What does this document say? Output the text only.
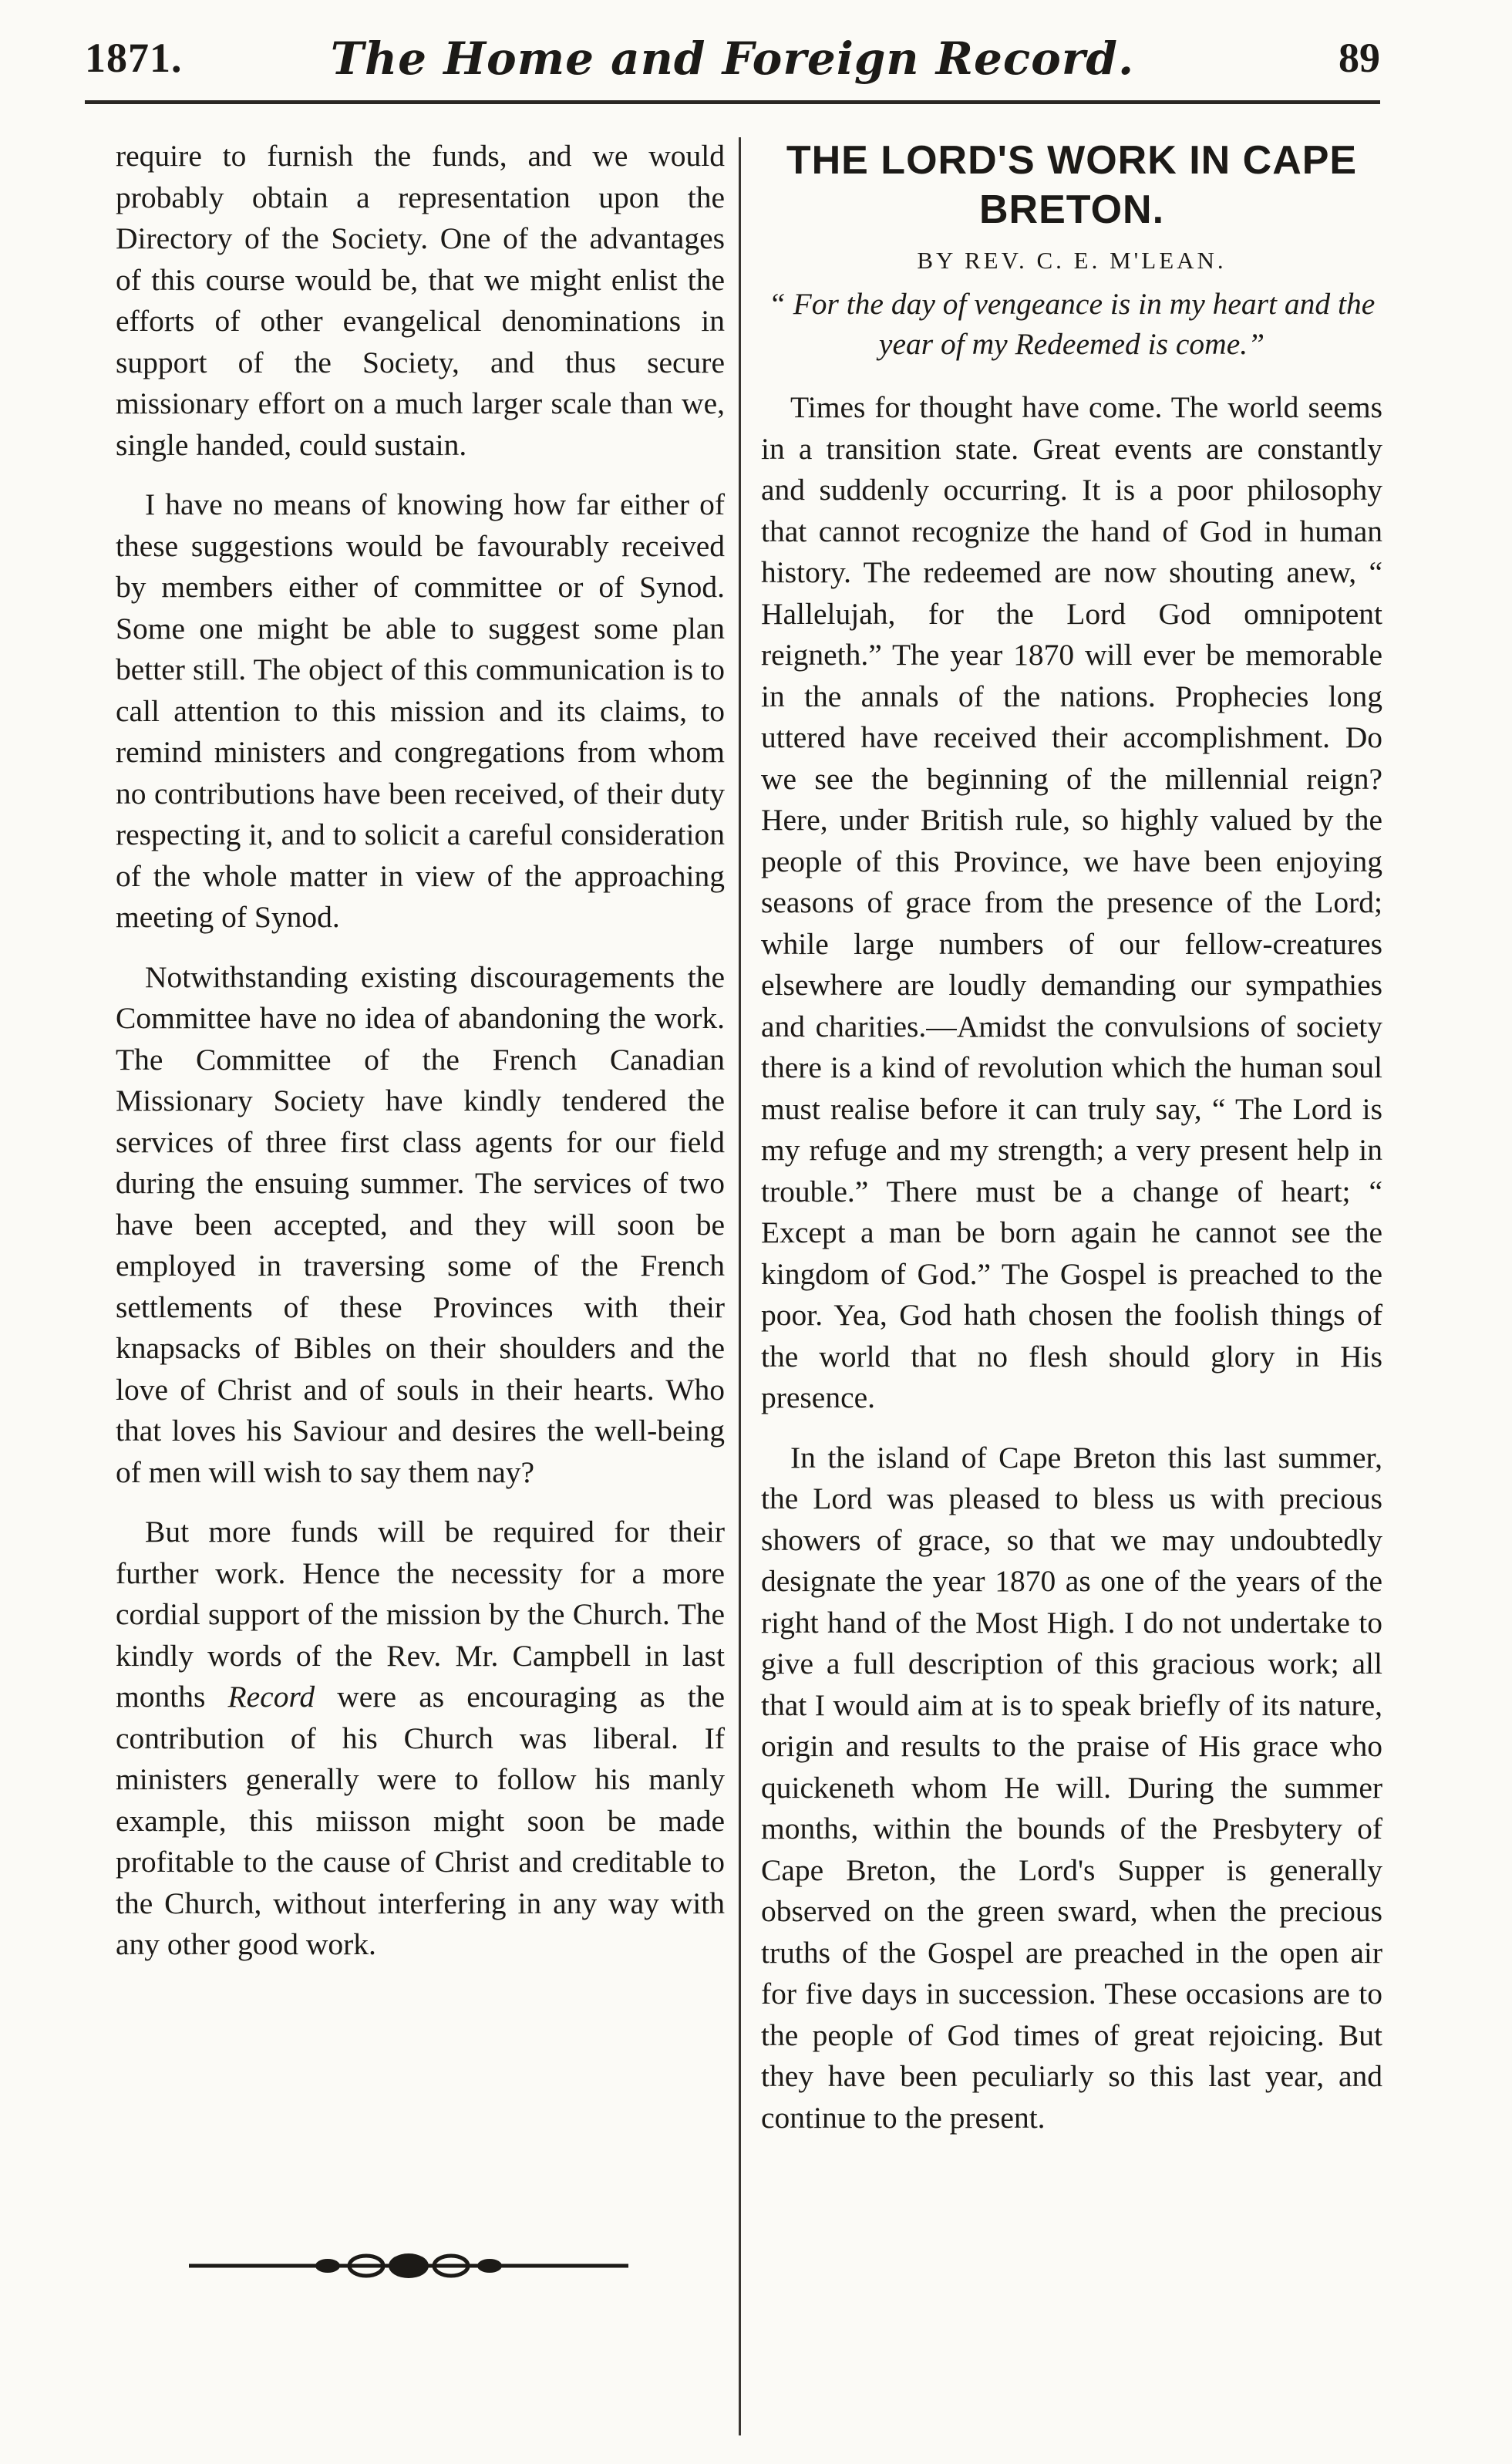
1871.	The Home and Foreign Record.	89

require to furnish the funds, and we would probably obtain a representation upon the Directory of the Society. One of the advantages of this course would be, that we might enlist the efforts of other evangelical denominations in support of the Society, and thus secure missionary effort on a much larger scale than we, single handed, could sustain.

I have no means of knowing how far either of these suggestions would be favourably received by members either of committee or of Synod. Some one might be able to suggest some plan better still. The object of this communication is to call attention to this mission and its claims, to remind ministers and congregations from whom no contributions have been received, of their duty respecting it, and to solicit a careful consideration of the whole matter in view of the approaching meeting of Synod.

Notwithstanding existing discouragements the Committee have no idea of abandoning the work. The Committee of the French Canadian Missionary Society have kindly tendered the services of three first class agents for our field during the ensuing summer. The services of two have been accepted, and they will soon be employed in traversing some of the French settlements of these Provinces with their knapsacks of Bibles on their shoulders and the love of Christ and of souls in their hearts. Who that loves his Saviour and desires the well-being of men will wish to say them nay?

But more funds will be required for their further work. Hence the necessity for a more cordial support of the mission by the Church. The kindly words of the Rev. Mr. Campbell in last months Record were as encouraging as the contribution of his Church was liberal. If ministers generally were to follow his manly example, this miisson might soon be made profitable to the cause of Christ and creditable to the Church, without interfering in any way with any other good work.

THE LORD'S WORK IN CAPE BRETON.
BY REV. C. E. M'LEAN.

“ For the day of vengeance is in my heart and the year of my Redeemed is come.”

Times for thought have come. The world seems in a transition state. Great events are constantly and suddenly occurring. It is a poor philosophy that cannot recognize the hand of God in human history. The redeemed are now shouting anew, “ Hallelujah, for the Lord God omnipotent reigneth.” The year 1870 will ever be memorable in the annals of the nations. Prophecies long uttered have received their accomplishment. Do we see the beginning of the millennial reign? Here, under British rule, so highly valued by the people of this Province, we have been enjoying seasons of grace from the presence of the Lord; while large numbers of our fellow-creatures elsewhere are loudly demanding our sympathies and charities.—Amidst the convulsions of society there is a kind of revolution which the human soul must realise before it can truly say, “ The Lord is my refuge and my strength; a very present help in trouble.” There must be a change of heart; “ Except a man be born again he cannot see the kingdom of God.” The Gospel is preached to the poor. Yea, God hath chosen the foolish things of the world that no flesh should glory in His presence.

In the island of Cape Breton this last summer, the Lord was pleased to bless us with precious showers of grace, so that we may undoubtedly designate the year 1870 as one of the years of the right hand of the Most High. I do not undertake to give a full description of this gracious work; all that I would aim at is to speak briefly of its nature, origin and results to the praise of His grace who quickeneth whom He will. During the summer months, within the bounds of the Presbytery of Cape Breton, the Lord's Supper is generally observed on the green sward, when the precious truths of the Gospel are preached in the open air for five days in succession. These occasions are to the people of God times of great rejoicing. But they have been peculiarly so this last year, and continue to the present.
